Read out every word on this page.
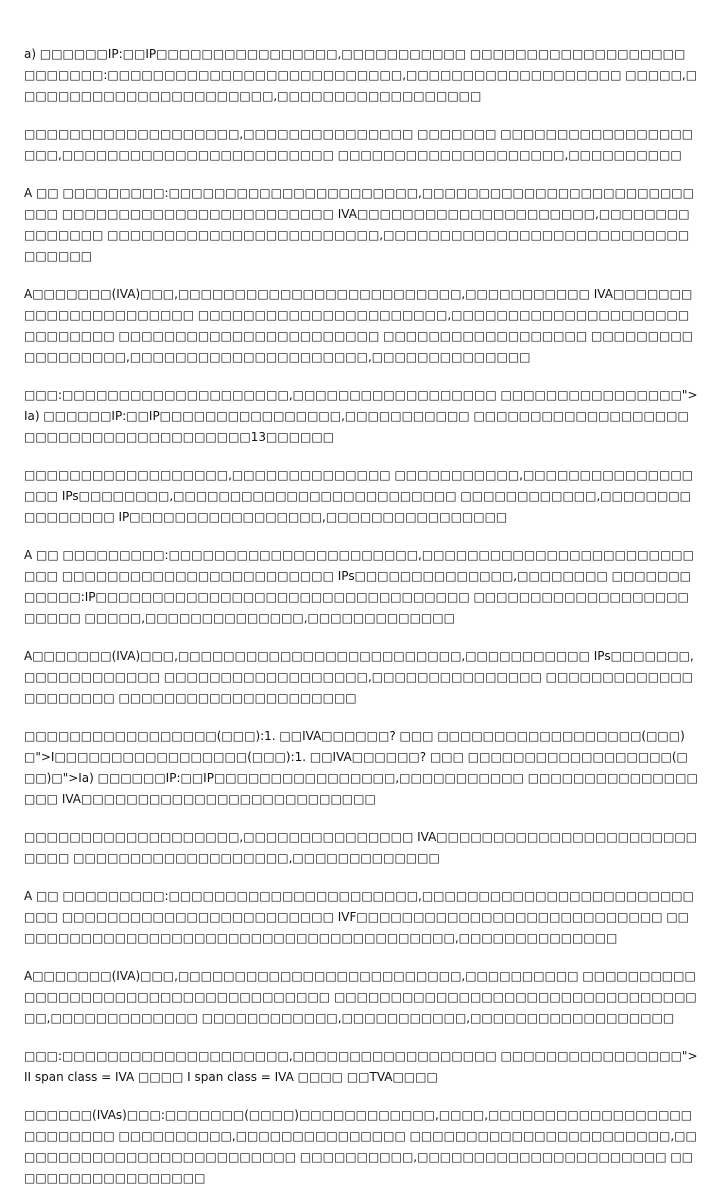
a) □□□□□□IP:□□IP□□□□□□□□□□□□□□□□,□□□□□□□□□□□ □□□□□□□□□□□□□□□□□□□ □□□□□□□:□□□□□□□□□□□□□□□□□□□□□□□□□□,□□□□□□□□□□□□□□□□□□□ □□□□□,□□□□□□□□□□□□□□□□□□□□□□□,□□□□□□□□□□□□□□□□□□

□□□□□□□□□□□□□□□□□□□,□□□□□□□□□□□□□□□ □□□□□□□ □□□□□□□□□□□□□□□□□□□□,□□□□□□□□□□□□□□□□□□□□□□□□ □□□□□□□□□□□□□□□□□□□□,□□□□□□□□□□

A □□ □□□□□□□□□:□□□□□□□□□□□□□□□□□□□□□□,□□□□□□□□□□□□□□□□□□□□□□□□□□□ □□□□□□□□□□□□□□□□□□□□□□□□ IVA□□□□□□□□□□□□□□□□□□□□□,□□□□□□□□□□□□□□□ □□□□□□□□□□□□□□□□□□□□□□□□,□□□□□□□□□□□□□□□□□□□□□□□□□□□□□□□□□

A□□□□□□□(IVA)□□□,□□□□□□□□□□□□□□□□□□□□□□□□□,□□□□□□□□□□□ IVA□□□□□□□□□□□□□□□□□□□□□□ □□□□□□□□□□□□□□□□□□□□□□,□□□□□□□□□□□□□□□□□□□□□□□□□□□□□ □□□□□□□□□□□□□□□□□□□□□□□ □□□□□□□□□□□□□□□□□□ □□□□□□□□□□□□□□□□□□,□□□□□□□□□□□□□□□□□□□□□,□□□□□□□□□□□□□□

□□□:□□□□□□□□□□□□□□□□□□□□,□□□□□□□□□□□□□□□□□□ □□□□□□□□□□□□□□□□">Ia) □□□□□□IP:□□IP□□□□□□□□□□□□□□□□,□□□□□□□□□□□ □□□□□□□□□□□□□□□□□□□ □□□□□□□□□□□□□□□□□□□□13□□□□□□

□□□□□□□□□□□□□□□□□□,□□□□□□□□□□□□□□ □□□□□□□□□□□,□□□□□□□□□□□□□□□□□□ IPs□□□□□□□□,□□□□□□□□□□□□□□□□□□□□□□□□□ □□□□□□□□□□□□,□□□□□□□□□□□□□□□□ IP□□□□□□□□□□□□□□□□□,□□□□□□□□□□□□□□□□

A □□ □□□□□□□□□:□□□□□□□□□□□□□□□□□□□□□□,□□□□□□□□□□□□□□□□□□□□□□□□□□□ □□□□□□□□□□□□□□□□□□□□□□□□ IPs□□□□□□□□□□□□□□,□□□□□□□□ □□□□□□□□□□□□:IP□□□□□□□□□□□□□□□□□□□□□□□□□□□□□□□□□ □□□□□□□□□□□□□□□□□□□□□□□□ □□□□□,□□□□□□□□□□□□□□,□□□□□□□□□□□□□

A□□□□□□□(IVA)□□□,□□□□□□□□□□□□□□□□□□□□□□□□□,□□□□□□□□□□□ IPs□□□□□□□,□□□□□□□□□□□□ □□□□□□□□□□□□□□□□□□,□□□□□□□□□□□□□□□ □□□□□□□□□□□□□□□□□□□□□ □□□□□□□□□□□□□□□□□□□□□

□□□□□□□□□□□□□□□□□(□□□):1. □□IVA□□□□□□? □□□ □□□□□□□□□□□□□□□□□□(□□□)□">I□□□□□□□□□□□□□□□□□(□□□):1. □□IVA□□□□□□? □□□ □□□□□□□□□□□□□□□□□□(□□□)□">Ia) □□□□□□IP:□□IP□□□□□□□□□□□□□□□□,□□□□□□□□□□□ □□□□□□□□□□□□□□□□□□ IVA□□□□□□□□□□□□□□□□□□□□□□□□□□

□□□□□□□□□□□□□□□□□□□,□□□□□□□□□□□□□□□ IVA□□□□□□□□□□□□□□□□□□□□□□□□□□□ □□□□□□□□□□□□□□□□□□□,□□□□□□□□□□□□□

A □□ □□□□□□□□□:□□□□□□□□□□□□□□□□□□□□□□,□□□□□□□□□□□□□□□□□□□□□□□□□□□ □□□□□□□□□□□□□□□□□□□□□□□□ IVF□□□□□□□□□□□□□□□□□□□□□□□□□□□ □□□□□□□□□□□□□□□□□□□□□□□□□□□□□□□□□□□□□□□□,□□□□□□□□□□□□□□

A□□□□□□□(IVA)□□□,□□□□□□□□□□□□□□□□□□□□□□□□□,□□□□□□□□□□ □□□□□□□□□□□□□□□□□□□□□□□□□□□□□□□□□□□□□ □□□□□□□□□□□□□□□□□□□□□□□□□□□□□□□□□□,□□□□□□□□□□□□□ □□□□□□□□□□□□,□□□□□□□□□□□,□□□□□□□□□□□□□□□□□□

□□□:□□□□□□□□□□□□□□□□□□□□,□□□□□□□□□□□□□□□□□□ □□□□□□□□□□□□□□□□">II span class = IVA □□□□ I span class = IVA □□□□ □□TVA□□□□

□□□□□□(IVAs)□□□:□□□□□□□(□□□□)□□□□□□□□□□□□,□□□□,□□□□□□□□□□□□□□□□□□□□□□□□□□ □□□□□□□□□□,□□□□□□□□□□□□□□□ □□□□□□□□□□□□□□□□□□□□□□□,□□□□□□□□□□□□□□□□□□□□□□□□□□ □□□□□□□□□□,□□□□□□□□□□□□□□□□□□□□□□ □□□□□□□□□□□□□□□□□□
